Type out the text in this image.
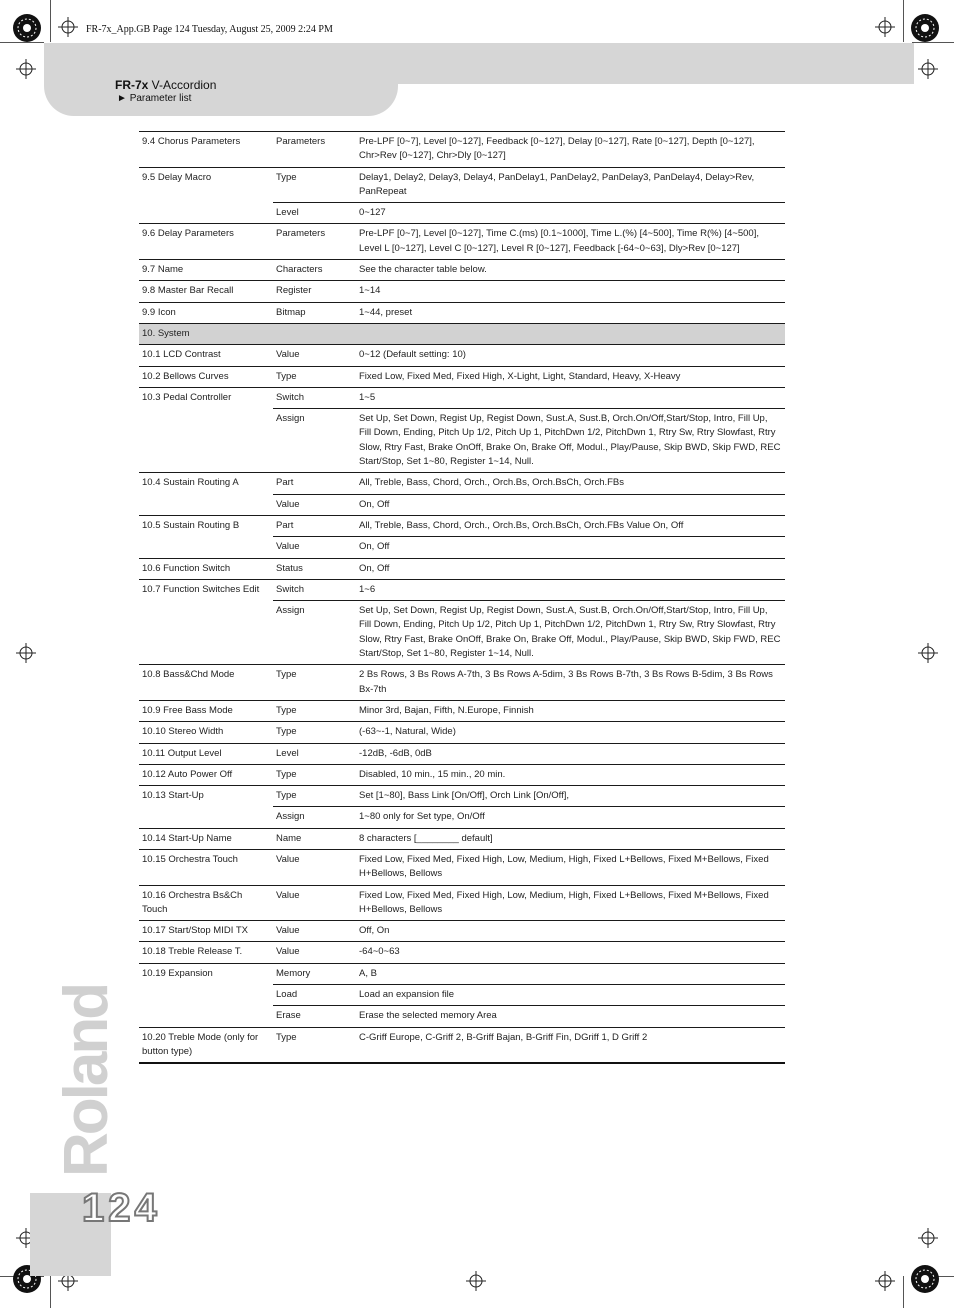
FR-7x_App.GB Page 124 Tuesday, August 25, 2009 2:24 PM
FR-7x V-Accordion
► Parameter list
Roland
124
9.4 Chorus Parameters	Parameters	Pre-LPF [0~7], Level [0~127], Feedback [0~127], Delay [0~127], Rate [0~127], Depth [0~127], Chr>Rev [0~127], Chr>Dly [0~127]
9.5 Delay Macro	Type	Delay1, Delay2, Delay3, Delay4, PanDelay1, PanDelay2, PanDelay3, PanDelay4, Delay>Rev, PanRepeat
	Level	0~127
9.6 Delay Parameters	Parameters	Pre-LPF [0~7], Level [0~127], Time C.(ms) [0.1~1000], Time L.(%) [4~500], Time R(%) [4~500], Level L [0~127], Level C [0~127], Level R [0~127], Feedback [-64~0~63], Dly>Rev [0~127]
9.7 Name	Characters	See the character table below.
9.8 Master Bar Recall	Register	1~14
9.9 Icon	Bitmap	1~44, preset
10. System		
10.1 LCD Contrast	Value	0~12 (Default setting: 10)
10.2 Bellows Curves	Type	Fixed Low, Fixed Med, Fixed High, X-Light, Light, Standard, Heavy, X-Heavy
10.3 Pedal Controller	Switch	1~5
	Assign	Set Up, Set Down, Regist Up, Regist Down, Sust.A, Sust.B, Orch.On/Off,Start/Stop, Intro, Fill Up, Fill Down, Ending, Pitch Up 1/2, Pitch Up 1, PitchDwn 1/2, PitchDwn 1, Rtry Sw, Rtry Slowfast, Rtry Slow, Rtry Fast, Brake OnOff, Brake On, Brake Off, Modul., Play/Pause, Skip BWD, Skip FWD, REC Start/Stop, Set 1~80, Register 1~14, Null.
10.4 Sustain Routing A	Part	All, Treble, Bass, Chord, Orch., Orch.Bs, Orch.BsCh, Orch.FBs
	Value	On, Off
10.5 Sustain Routing B	Part	All, Treble, Bass, Chord, Orch., Orch.Bs, Orch.BsCh, Orch.FBs Value On, Off
	Value	On, Off
10.6 Function Switch	Status	On, Off
10.7 Function Switches Edit	Switch	1~6
	Assign	Set Up, Set Down, Regist Up, Regist Down, Sust.A, Sust.B, Orch.On/Off,Start/Stop, Intro, Fill Up, Fill Down, Ending, Pitch Up 1/2, Pitch Up 1, PitchDwn 1/2, PitchDwn 1, Rtry Sw, Rtry Slowfast, Rtry Slow, Rtry Fast, Brake OnOff, Brake On, Brake Off, Modul., Play/Pause, Skip BWD, Skip FWD, REC Start/Stop, Set 1~80, Register 1~14, Null.
10.8 Bass&Chd Mode	Type	2 Bs Rows, 3 Bs Rows A-7th, 3 Bs Rows A-5dim, 3 Bs Rows B-7th, 3 Bs Rows B-5dim, 3 Bs Rows Bx-7th
10.9 Free Bass Mode	Type	Minor 3rd, Bajan, Fifth, N.Europe, Finnish
10.10 Stereo Width	Type	(-63~-1, Natural, Wide)
10.11 Output Level	Level	-12dB, -6dB, 0dB
10.12 Auto Power Off	Type	Disabled, 10 min., 15 min., 20 min.
10.13 Start-Up	Type	Set [1~80], Bass Link [On/Off], Orch Link [On/Off],
	Assign	1~80 only for Set type, On/Off
10.14 Start-Up Name	Name	8 characters [________ default]
10.15 Orchestra Touch	Value	Fixed Low, Fixed Med, Fixed High, Low, Medium, High, Fixed L+Bellows, Fixed M+Bellows, Fixed H+Bellows, Bellows
10.16 Orchestra Bs&Ch Touch	Value	Fixed Low, Fixed Med, Fixed High, Low, Medium, High, Fixed L+Bellows, Fixed M+Bellows, Fixed H+Bellows, Bellows
10.17 Start/Stop MIDI TX	Value	Off, On
10.18 Treble Release T.	Value	-64~0~63
10.19 Expansion	Memory	A, B
	Load	Load an expansion file
	Erase	Erase the selected memory Area
10.20 Treble Mode (only for button type)	Type	C-Griff Europe, C-Griff 2, B-Griff Bajan, B-Griff Fin, DGriff 1, D Griff 2
